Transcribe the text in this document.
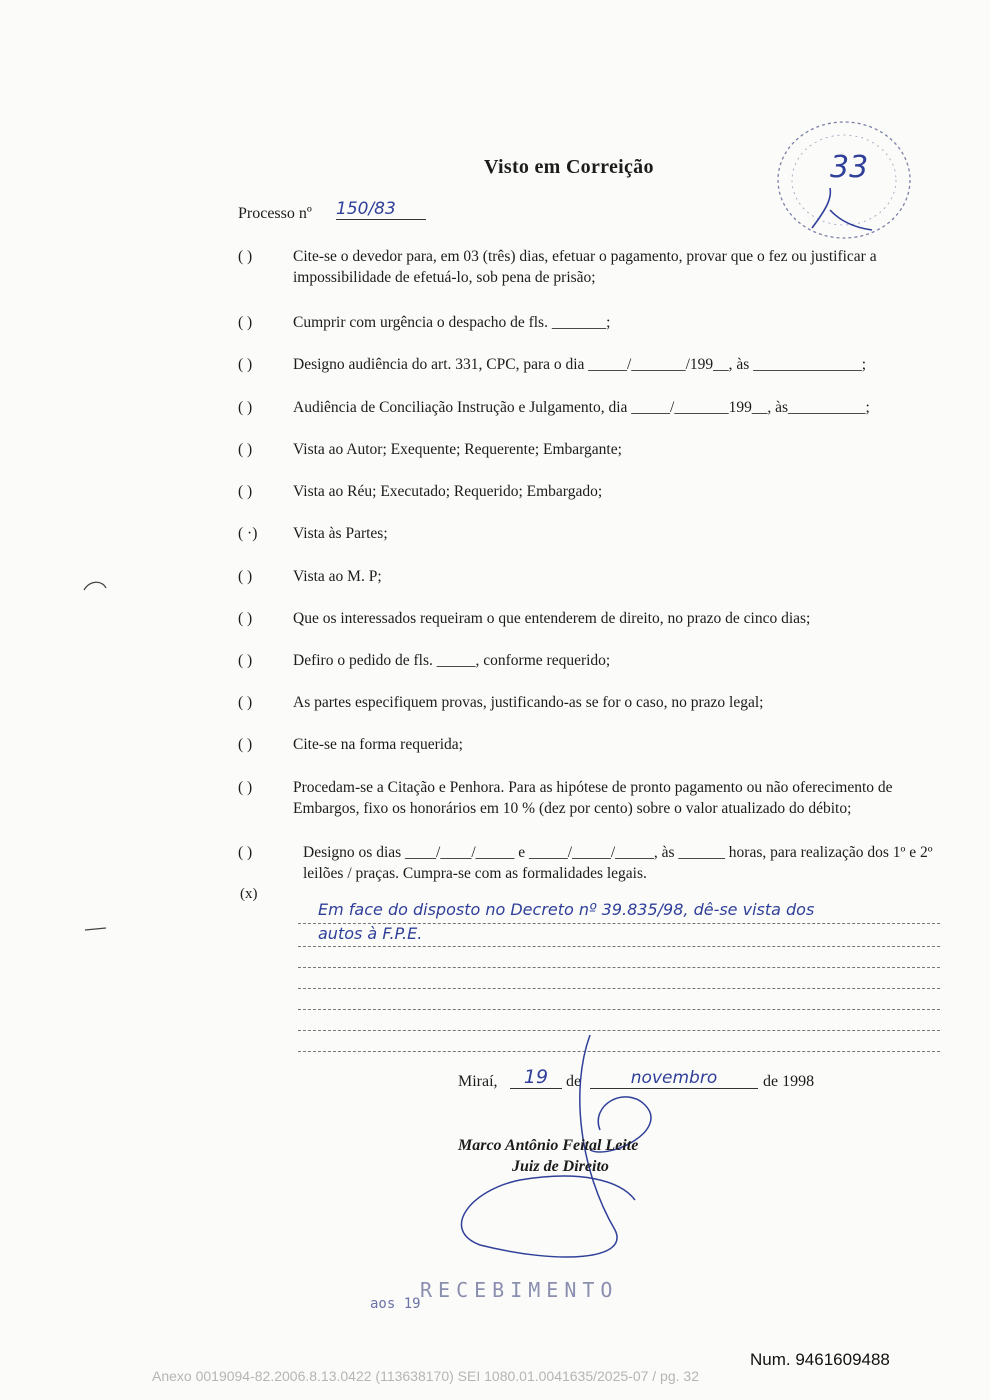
Visto em Correição	33
Processo nº 150/83
( )	Cite-se o devedor para, em 03 (três) dias, efetuar o pagamento, provar que o fez ou justificar a impossibilidade de efetuá-lo, sob pena de prisão;
( )	Cumprir com urgência o despacho de fls. _______;
( )	Designo audiência do art. 331, CPC, para o dia _____/_______/199__, às ______________;
( )	Audiência de Conciliação Instrução e Julgamento, dia _____/_______199__, às__________;
( )	Vista ao Autor; Exequente; Requerente; Embargante;
( )	Vista ao Réu; Executado; Requerido; Embargado;
( ·)	Vista às Partes;
( )	Vista ao M. P;
( )	Que os interessados requeiram o que entenderem de direito, no prazo de cinco dias;
( )	Defiro o pedido de fls. _____, conforme requerido;
( )	As partes especifiquem provas, justificando-as se for o caso, no prazo legal;
( )	Cite-se na forma requerida;
( )	Procedam-se a Citação e Penhora. Para as hipótese de pronto pagamento ou não oferecimento de Embargos, fixo os honorários em 10 % (dez por cento) sobre o valor atualizado do débito;
( )	Designo os dias ____/____/_____ e _____/_____/_____, às ______ horas, para realização dos 1º e 2º leilões / praças. Cumpra-se com as formalidades legais.
(x)
Em face do disposto no Decreto nº 39.835/98, dê-se vista dos
autos à F.P.E.
Miraí,	19	de	novembro	de 1998
Marco Antônio Feital Leite
Juiz de Direito
RECEBIMENTO
aos 19
Num. 9461609488
Anexo 0019094-82.2006.8.13.0422 (113638170) SEI 1080.01.0041635/2025-07 / pg. 32
